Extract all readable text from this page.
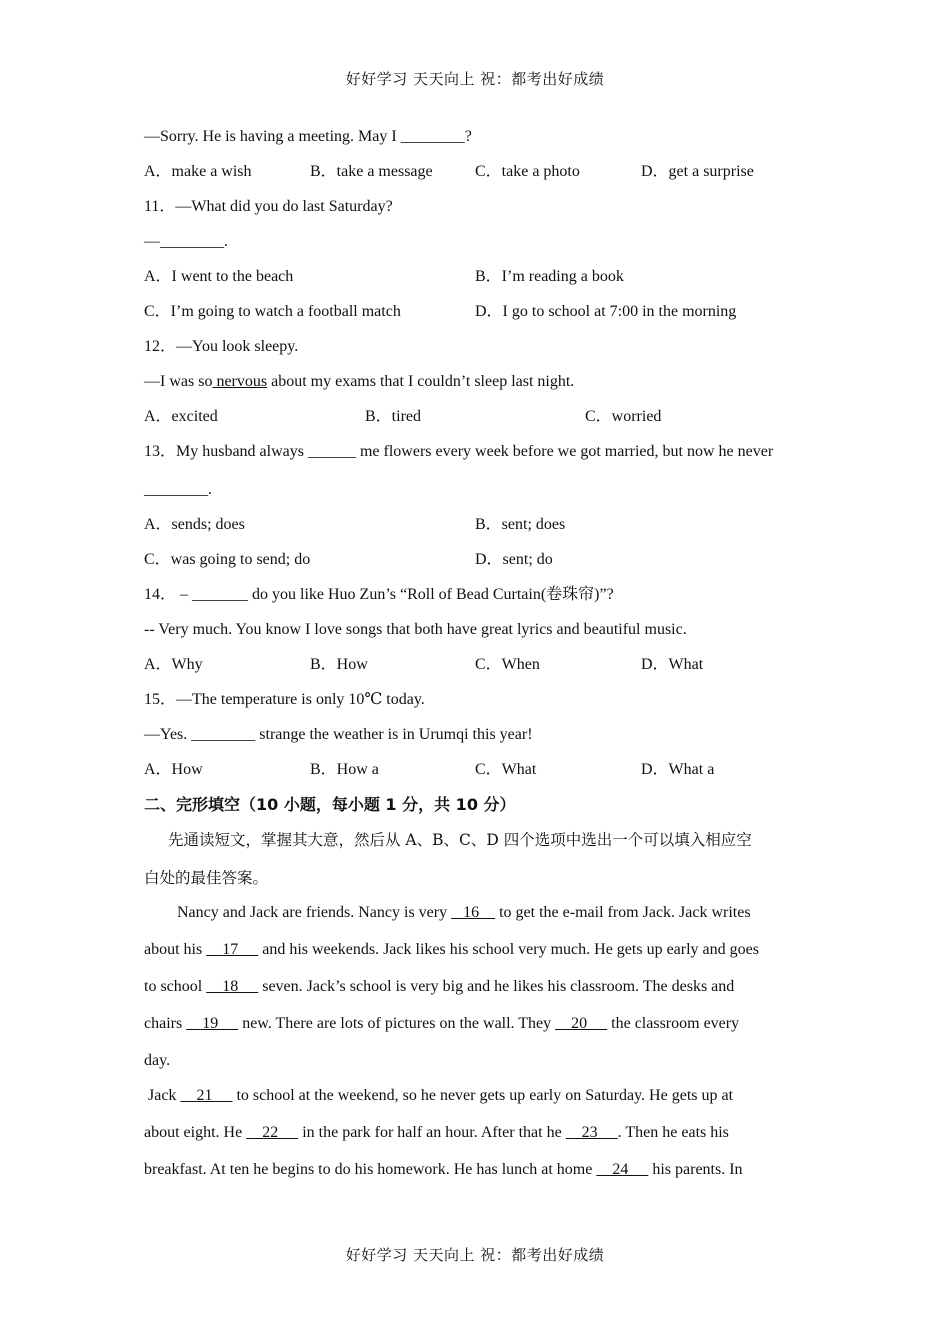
好好学习 天天向上 祝：都考出好成绩
—Sorry. He is having a meeting. May I ________?
A．make a wish	B．take a message	C．take a photo	D．get a surprise
11．—What did you do last Saturday?
—________.
A．I went to the beach	B．I’m reading a book
C．I’m going to watch a football match	D．I go to school at 7:00 in the morning
12．—You look sleepy.
—I was so nervous about my exams that I couldn’t sleep last night.
A．excited	B．tired	C．worried
13．My husband always ______ me flowers every week before we got married, but now he never
________.
A．sends; does	B．sent; does
C．was going to send; do	D．sent; do
14． – _______ do you like Huo Zun’s “Roll of Bead Curtain(卷珠帘)”?
-- Very much. You know I love songs that both have great lyrics and beautiful music.
A．Why	B．How	C．When	D．What
15．—The temperature is only 10℃ today.
—Yes. ________ strange the weather is in Urumqi this year!
A．How	B．How a	C．What	D．What a
二、完形填空（10 小题，每小题 1 分，共 10 分）
先通读短文，掌握其大意，然后从 A、B、C、D 四个选项中选出一个可以填入相应空
白处的最佳答案。
Nancy and Jack are friends. Nancy is very    16     to get the e-mail from Jack. Jack writes
about his     17      and his weekends. Jack likes his school very much. He gets up early and goes
to school     18      seven. Jack’s school is very big and he likes his classroom. The desks and
chairs     19      new. There are lots of pictures on the wall. They     20      the classroom every
day.
Jack     21      to school at the weekend, so he never gets up early on Saturday. He gets up at
about eight. He     22      in the park for half an hour. After that he     23     . Then he eats his
breakfast. At ten he begins to do his homework. He has lunch at home     24      his parents. In
好好学习 天天向上 祝：都考出好成绩
